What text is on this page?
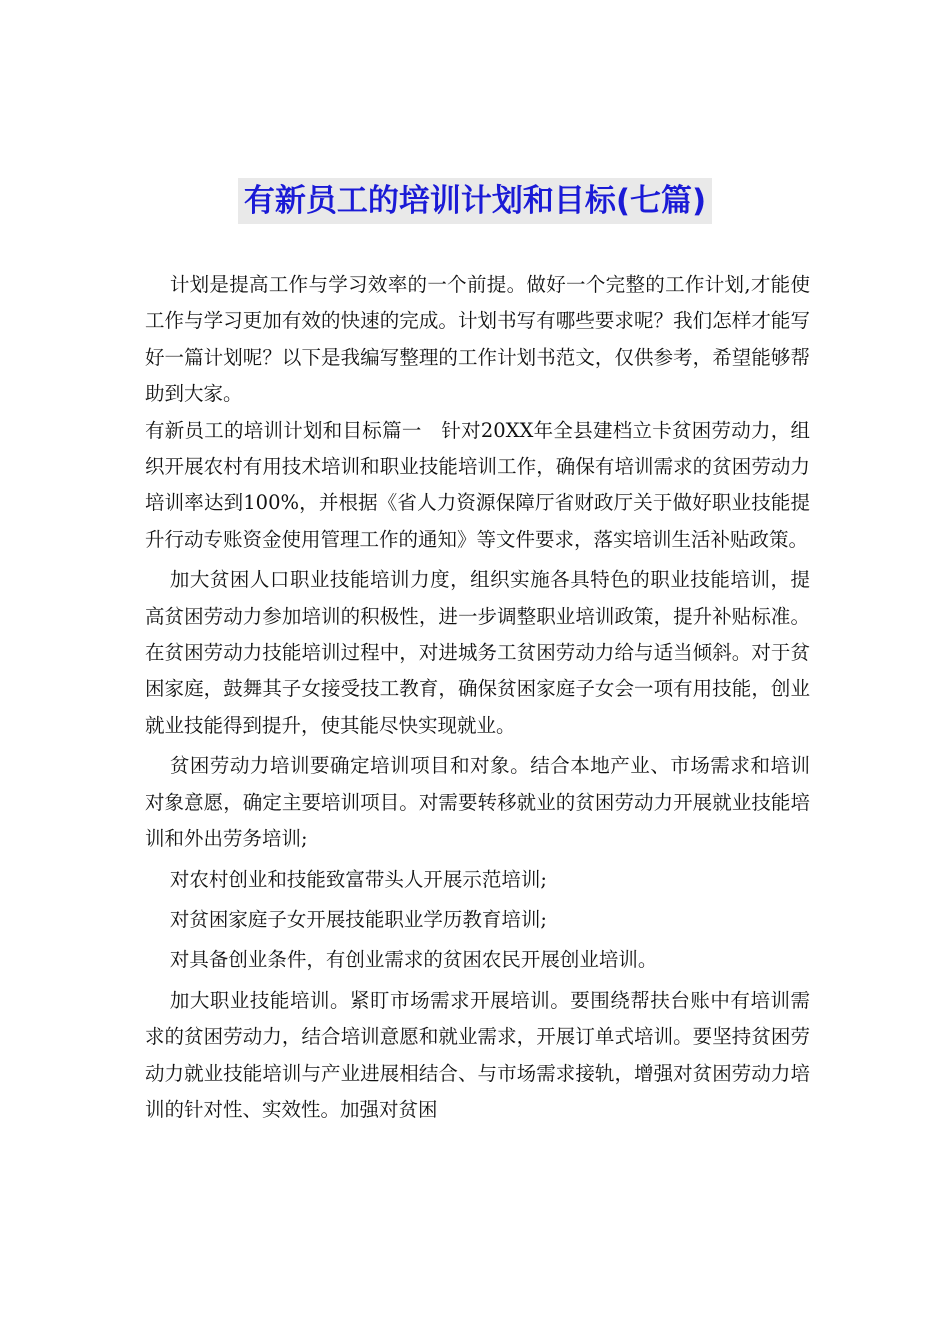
有新员工的培训计划和目标(七篇)

计划是提高工作与学习效率的一个前提。做好一个完整的工作计划,才能使工作与学习更加有效的快速的完成。计划书写有哪些要求呢？我们怎样才能写好一篇计划呢？以下是我编写整理的工作计划书范文，仅供参考，希望能够帮助到大家。

有新员工的培训计划和目标篇一　针对20XX年全县建档立卡贫困劳动力，组织开展农村有用技术培训和职业技能培训工作，确保有培训需求的贫困劳动力培训率达到100%，并根据《省人力资源保障厅省财政厅关于做好职业技能提升行动专账资金使用管理工作的通知》等文件要求，落实培训生活补贴政策。

加大贫困人口职业技能培训力度，组织实施各具特色的职业技能培训，提高贫困劳动力参加培训的积极性，进一步调整职业培训政策，提升补贴标准。在贫困劳动力技能培训过程中，对进城务工贫困劳动力给与适当倾斜。对于贫困家庭，鼓舞其子女接受技工教育，确保贫困家庭子女会一项有用技能，创业就业技能得到提升，使其能尽快实现就业。

贫困劳动力培训要确定培训项目和对象。结合本地产业、市场需求和培训对象意愿，确定主要培训项目。对需要转移就业的贫困劳动力开展就业技能培训和外出劳务培训;

对农村创业和技能致富带头人开展示范培训;

对贫困家庭子女开展技能职业学历教育培训;

对具备创业条件，有创业需求的贫困农民开展创业培训。

加大职业技能培训。紧盯市场需求开展培训。要围绕帮扶台账中有培训需求的贫困劳动力，结合培训意愿和就业需求，开展订单式培训。要坚持贫困劳动力就业技能培训与产业进展相结合、与市场需求接轨，增强对贫困劳动力培训的针对性、实效性。加强对贫困
